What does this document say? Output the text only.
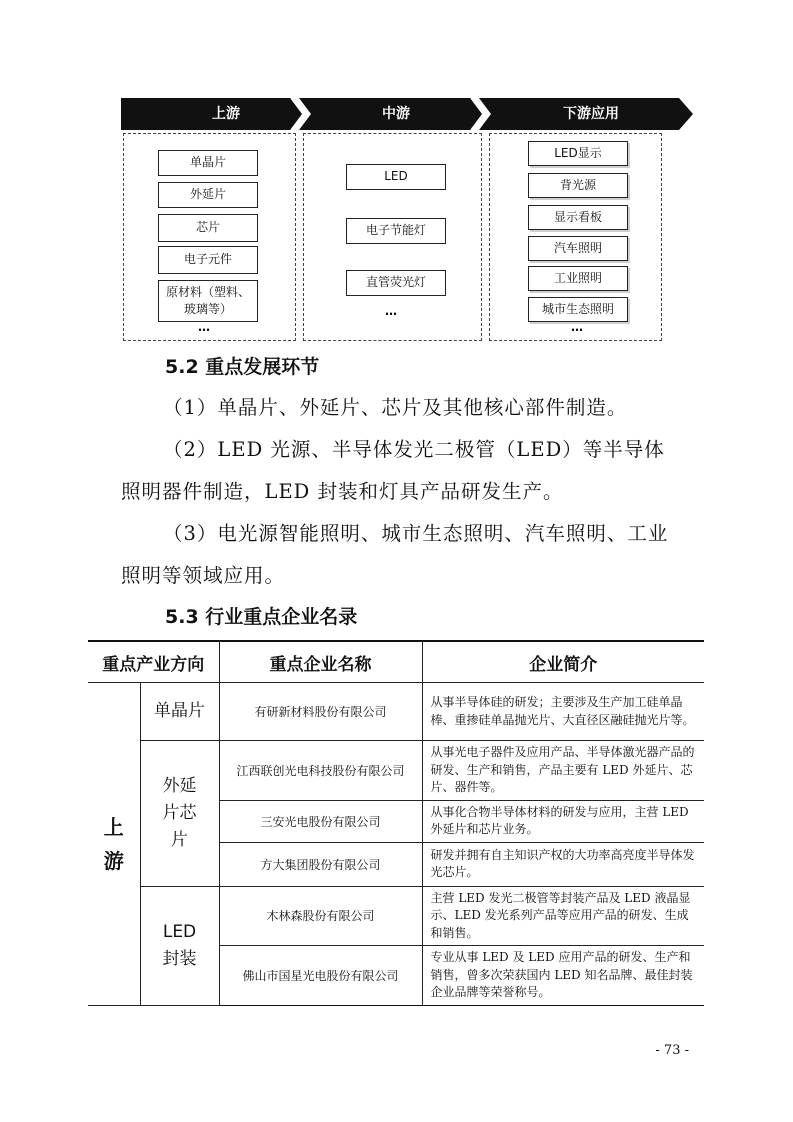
上游	中游	下游应用
单晶片
外延片
芯片
电子元件
原材料（塑料、玻璃等）
…
LED
电子节能灯
直管荧光灯
…
LED显示
背光源
显示看板
汽车照明
工业照明
城市生态照明
…
5.2 重点发展环节
（1）单晶片、外延片、芯片及其他核心部件制造。
（2）LED 光源、半导体发光二极管（LED）等半导体照明器件制造，LED 封装和灯具产品研发生产。
（3）电光源智能照明、城市生态照明、汽车照明、工业照明等领域应用。
5.3 行业重点企业名录
重点产业方向		重点企业名称	企业简介
上游	单晶片	有研新材料股份有限公司	从事半导体硅的研发；主要涉及生产加工硅单晶棒、重掺硅单晶抛光片、大直径区融硅抛光片等。
	外延片芯片	江西联创光电科技股份有限公司	从事光电子器件及应用产品、半导体激光器产品的研发、生产和销售，产品主要有 LED 外延片、芯片、器件等。
		三安光电股份有限公司	从事化合物半导体材料的研发与应用，主营 LED 外延片和芯片业务。
		方大集团股份有限公司	研发并拥有自主知识产权的大功率高亮度半导体发光芯片。
	LED封装	木林森股份有限公司	主营 LED 发光二极管等封装产品及 LED 液晶显示、LED 发光系列产品等应用产品的研发、生成和销售。
		佛山市国星光电股份有限公司	专业从事 LED 及 LED 应用产品的研发、生产和销售，曾多次荣获国内 LED 知名品牌、最佳封装企业品牌等荣誉称号。
- 73 -
